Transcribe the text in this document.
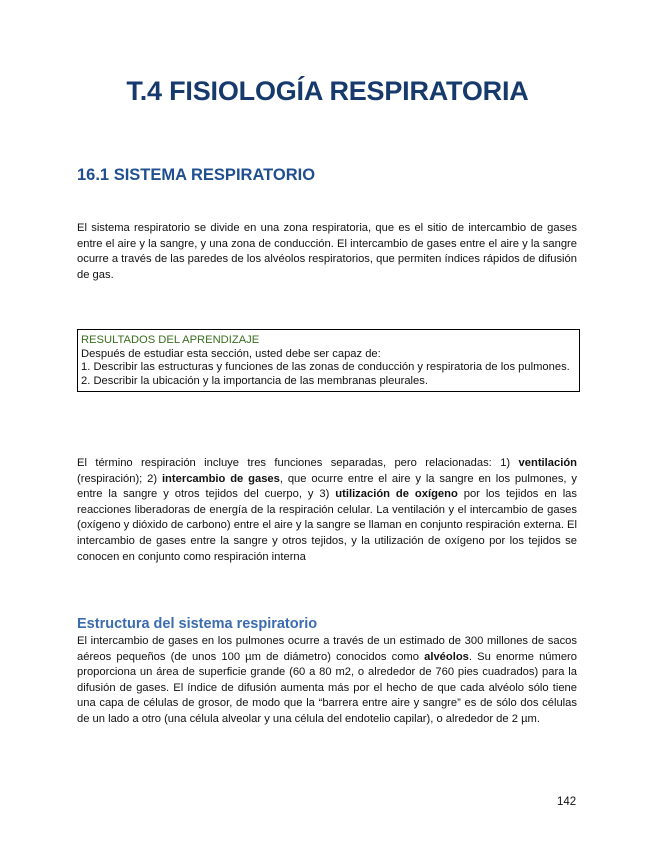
T.4 FISIOLOGÍA RESPIRATORIA
16.1 SISTEMA RESPIRATORIO

El sistema respiratorio se divide en una zona respiratoria, que es el sitio de intercambio de gases entre el aire y la sangre, y una zona de conducción. El intercambio de gases entre el aire y la sangre ocurre a través de las paredes de los alvéolos respiratorios, que permiten índices rápidos de difusión de gas.

RESULTADOS DEL APRENDIZAJE

Después de estudiar esta sección, usted debe ser capaz de:

1. Describir las estructuras y funciones de las zonas de conducción y respiratoria de los pulmones.

2. Describir la ubicación y la importancia de las membranas pleurales.

El término respiración incluye tres funciones separadas, pero relacionadas: 1) ventilación (respiración); 2) intercambio de gases, que ocurre entre el aire y la sangre en los pulmones, y entre la sangre y otros tejidos del cuerpo, y 3) utilización de oxígeno por los tejidos en las reacciones liberadoras de energía de la respiración celular. La ventilación y el intercambio de gases (oxígeno y dióxido de carbono) entre el aire y la sangre se llaman en conjunto respiración externa. El intercambio de gases entre la sangre y otros tejidos, y la utilización de oxígeno por los tejidos se conocen en conjunto como respiración interna

Estructura del sistema respiratorio

El intercambio de gases en los pulmones ocurre a través de un estimado de 300 millones de sacos aéreos pequeños (de unos 100 µm de diámetro) conocidos como alvéolos. Su enorme número proporciona un área de superficie grande (60 a 80 m2, o alrededor de 760 pies cuadrados) para la difusión de gases. El índice de difusión aumenta más por el hecho de que cada alvéolo sólo tiene una capa de células de grosor, de modo que la “barrera entre aire y sangre” es de sólo dos células de un lado a otro (una célula alveolar y una célula del endotelio capilar), o alrededor de 2 µm.

142
